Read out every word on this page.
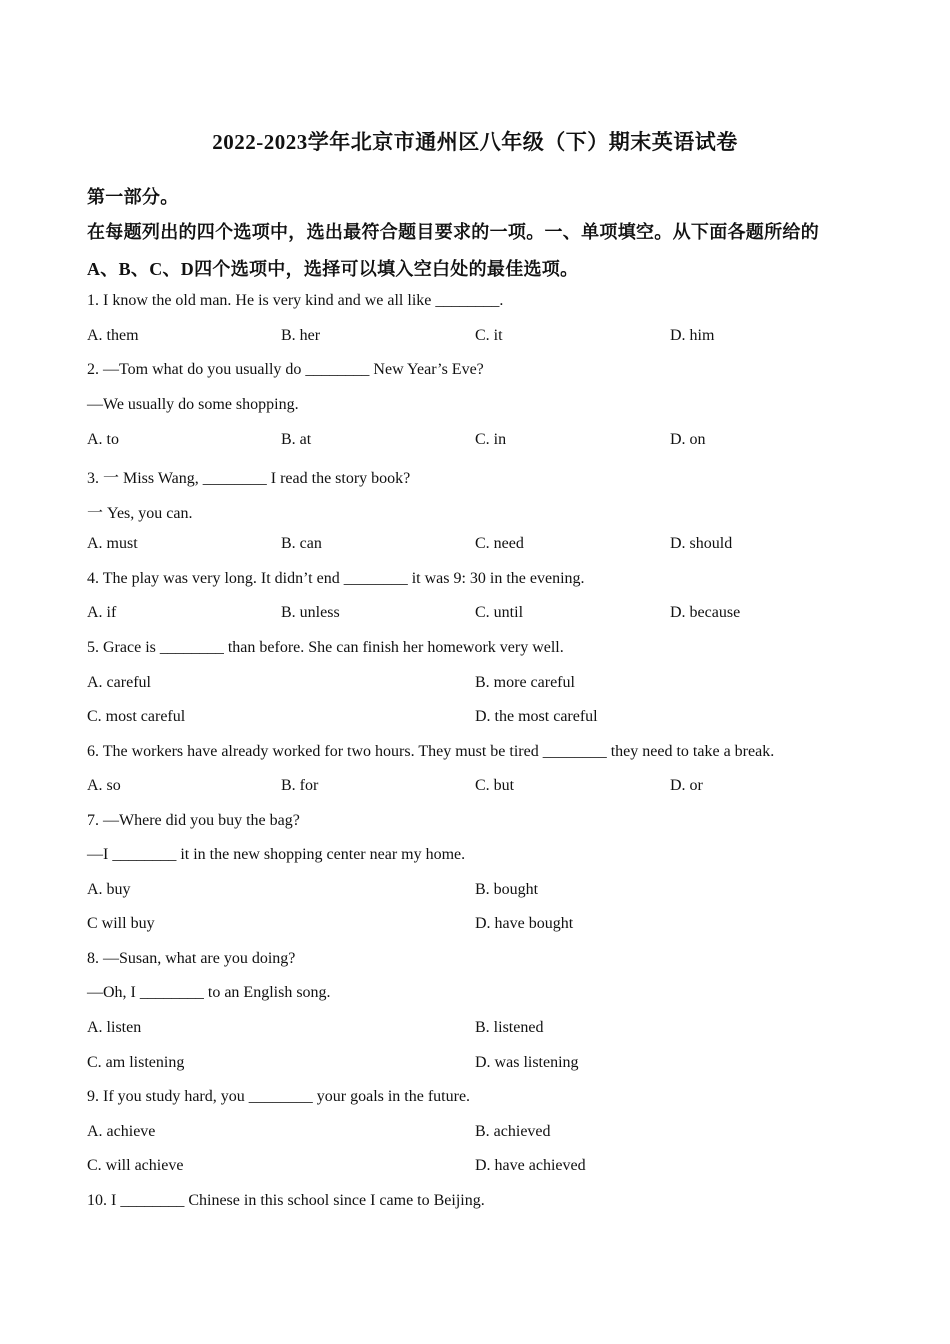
2022-2023学年北京市通州区八年级（下）期末英语试卷
第一部分。
在每题列出的四个选项中，选出最符合题目要求的一项。一、单项填空。从下面各题所给的
A、B、C、D四个选项中，选择可以填入空白处的最佳选项。
1. I know the old man. He is very kind and we all like ________.
A. them	B. her	C. it	D. him
2. —Tom what do you usually do ________ New Year’s Eve?
—We usually do some shopping.
A. to	B. at	C. in	D. on
3. 一 Miss Wang, ________ I read the story book?
一 Yes, you can.
A. must	B. can	C. need	D. should
4. The play was very long. It didn’t end ________ it was 9: 30 in the evening.
A. if	B. unless	C. until	D. because
5. Grace is ________ than before. She can finish her homework very well.
A. careful	B. more careful
C. most careful	D. the most careful
6. The workers have already worked for two hours. They must be tired ________ they need to take a break.
A. so	B. for	C. but	D. or
7. —Where did you buy the bag?
—I ________ it in the new shopping center near my home.
A. buy	B. bought
C will buy	D. have bought
8. —Susan, what are you doing?
—Oh, I ________ to an English song.
A. listen	B. listened
C. am listening	D. was listening
9. If you study hard, you ________ your goals in the future.
A. achieve	B. achieved
C. will achieve	D. have achieved
10. I ________ Chinese in this school since I came to Beijing.
